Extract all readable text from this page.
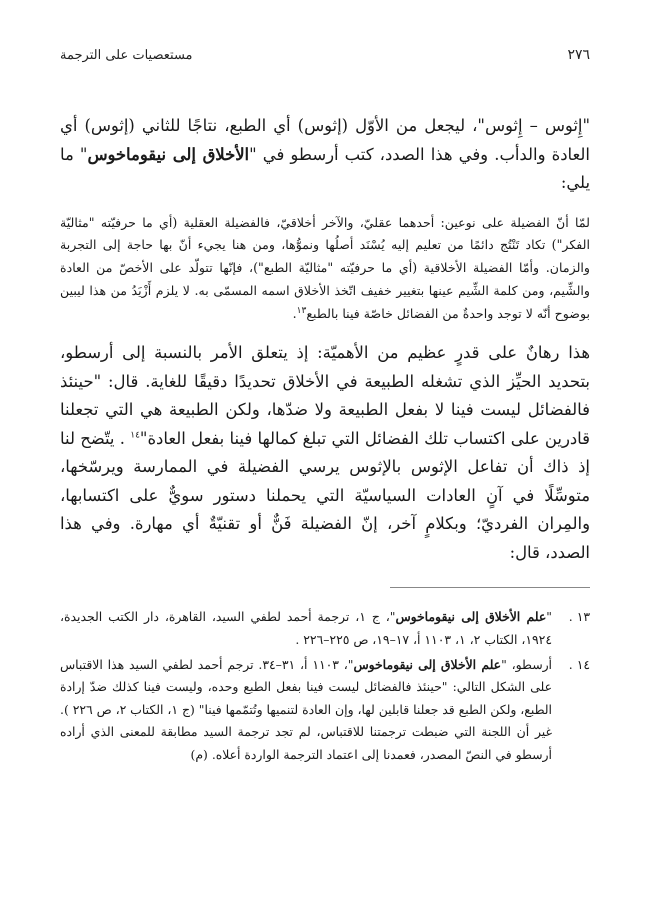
٢٧٦
مستعصيات على الترجمة

"إِثوس – إِثوس"، ليجعل من الأوّل (إثوس) أي الطبع، نتاجًا للثاني (إثوس) أي العادة والدأب. وفي هذا الصدد، كتب أرسطو في "الأخلاق إلى نيقوماخوس" ما يلي:

لمّا أنّ الفضيلة على نوعين: أحدهما عقليّ، والآخر أخلاقيّ، فالفضيلة العقلية (أي ما حرفيّته "مثاليّة الفكر") تكاد تَنْتُج دائمًا من تعليم إليه يُسْنَد أصلُها ونموُّها، ومن هنا يجيء أنّ بها حاجة إلى التجربة والزمان. وأمّا الفضيلة الأخلاقية (أي ما حرفيّته "مثاليّة الطبع")، فإنّها تتولّد على الأخصّ من العادة والشِّيم، ومن كلمة الشِّيم عينها بتغيير خفيف اتّخذ الأخلاق اسمه المسمّى به. لا يلزم أَزْيَدُ من هذا ليبين بوضوح أنّه لا توجد واحدةٌ من الفضائل خاصّة فينا بالطبع$^{١٣}$.

هذا رهانٌ على قدرٍ عظيم من الأهميّة: إذ يتعلق الأمر بالنسبة إلى أرسطو، بتحديد الحيِّز الذي تشغله الطبيعة في الأخلاق تحديدًا دقيقًا للغاية. قال: "حينئذ فالفضائل ليست فينا لا بفعل الطبيعة ولا ضدّها، ولكن الطبيعة هي التي تجعلنا قادرين على اكتساب تلك الفضائل التي تبلغ كمالها فينا بفعل العادة"$^{١٤}$ . يتّضح لنا إذ ذاك أن تفاعل الإثوس بالإثوس يرسي الفضيلة في الممارسة ويرسّخها، متوسِّلًا في آنٍ العادات السياسيّة التي يحملنا دستور سويٌّ على اكتسابها، والمِران الفرديّ؛ وبكلامٍ آخر، إنّ الفضيلة فَنٌّ أو تقنيّةٌ أي مهارة. وفي هذا الصدد، قال:

١٣ .
"علم الأخلاق إلى نيقوماخوس"، ج ١، ترجمة أحمد لطفي السيد، القاهرة، دار الكتب الجديدة، ١٩٢٤، الكتاب ٢، ١، ١١٠٣ أ، ١٧–١٩، ص ٢٢٥–٢٢٦ .
١٤ .
أرسطو، "علم الأخلاق إلى نيقوماخوس"، ١١٠٣ أ، ٣١–٣٤. ترجم أحمد لطفي السيد هذا الاقتباس على الشكل التالي: "حينئذ فالفضائل ليست فينا بفعل الطبع وحده، وليست فينا كذلك ضدّ إرادة الطبع، ولكن الطبع قد جعلنا قابلين لها، وإن العادة لتنميها وتُتمّمها فينا" (ج ١، الكتاب ٢، ص ٢٢٦ ). غير أن اللجنة التي ضبطت ترجمتنا للاقتباس، لم تجد ترجمة السيد مطابقة للمعنى الذي أراده أرسطو في النصّ المصدر، فعمدنا إلى اعتماد الترجمة الواردة أعلاه. (م)
